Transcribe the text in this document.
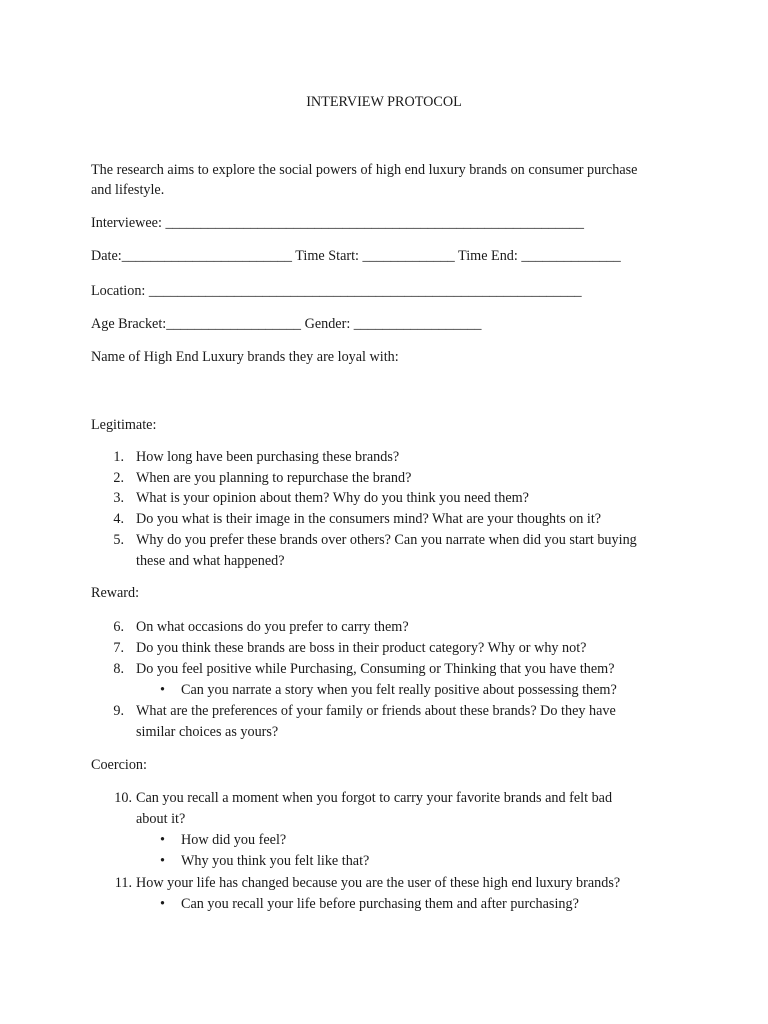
INTERVIEW PROTOCOL
The research aims to explore the social powers of high end luxury brands on consumer purchase
and lifestyle.
Interviewee: ___________________________________________________________
Date:________________________ Time Start: _____________ Time End: ______________
Location: _____________________________________________________________
Age Bracket:___________________ Gender: __________________
Name of High End Luxury brands they are loyal with:
Legitimate:
1. How long have been purchasing these brands?
2. When are you planning to repurchase the brand?
3. What is your opinion about them? Why do you think you need them?
4. Do you what is their image in the consumers mind? What are your thoughts on it?
5. Why do you prefer these brands over others? Can you narrate when did you start buying
these and what happened?
Reward:
6. On what occasions do you prefer to carry them?
7. Do you think these brands are boss in their product category? Why or why not?
8. Do you feel positive while Purchasing, Consuming or Thinking that you have them?
• Can you narrate a story when you felt really positive about possessing them?
9. What are the preferences of your family or friends about these brands? Do they have
similar choices as yours?
Coercion:
10. Can you recall a moment when you forgot to carry your favorite brands and felt bad
about it?
• How did you feel?
• Why you think you felt like that?
11. How your life has changed because you are the user of these high end luxury brands?
• Can you recall your life before purchasing them and after purchasing?
